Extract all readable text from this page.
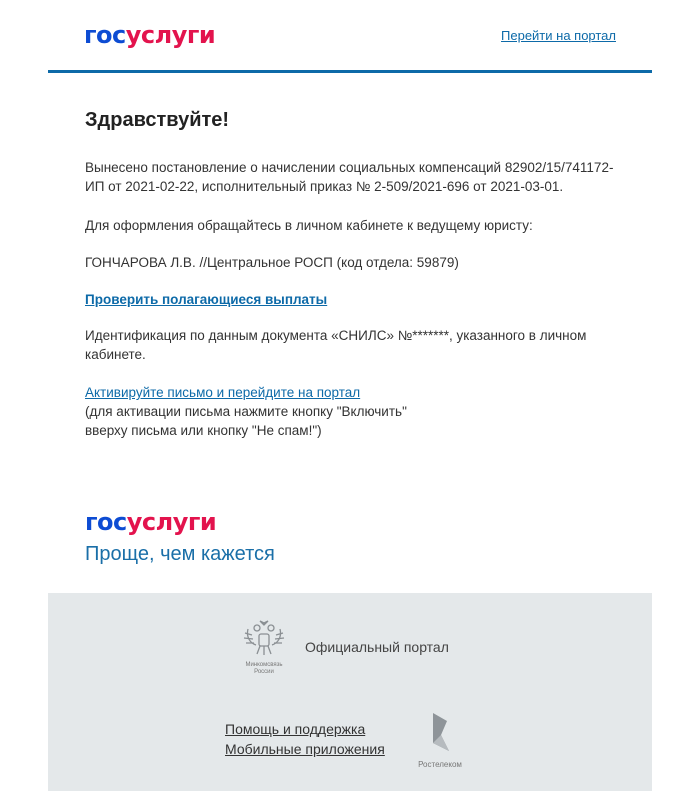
госуслуги	Перейти на портал
Здравствуйте!

Вынесено постановление о начислении социальных компенсаций 82902/15/741172-ИП от 2021-02-22, исполнительный приказ № 2-509/2021-696 от 2021-03-01.

Для оформления обращайтесь в личном кабинете к ведущему юристу:

ГОНЧАРОВА Л.В. //Центральное РОСП (код отдела: 59879)

Проверить полагающиеся выплаты

Идентификация по данным документа «СНИЛС» №*******, указанного в личном кабинете.

Активируйте письмо и перейдите на портал
(для активации письма нажмите кнопку "Включить"
вверху письма или кнопку "Не спам!")
госуслуги
Проще, чем кажется
Минкомсвязь
России
Официальный портал
Помощь и поддержка
Мобильные приложения
Ростелеком
